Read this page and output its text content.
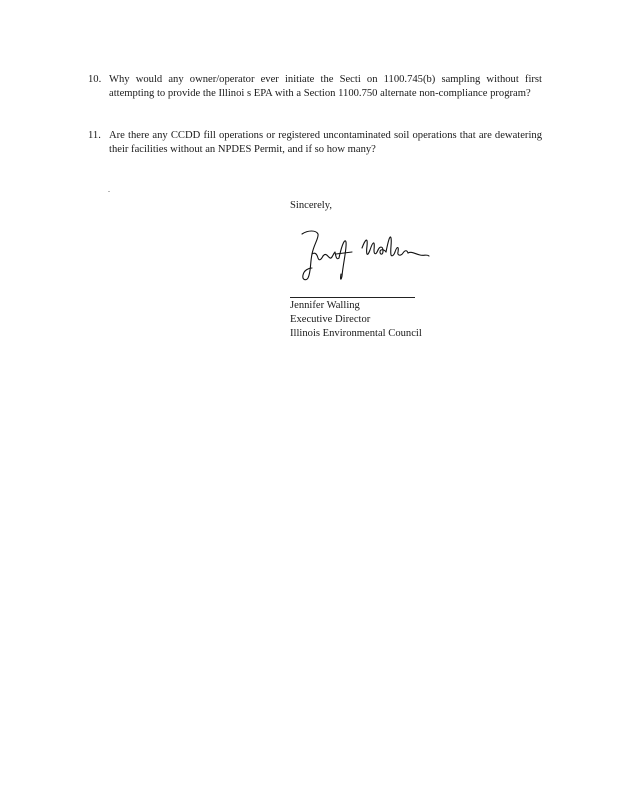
10. Why would any owner/operator ever initiate the Secti on 1100.745(b) sampling without first attempting to provide the Illinoi s EPA with a Section 1100.750 alternate non-compliance program?
11. Are there any CCDD fill operations or registered uncontaminated soil operations that are dewatering their facilities without an NPDES Permit, and if so how many?
.
Sincerely,
Jennifer Walling
Executive Director
Illinois Environmental Council
